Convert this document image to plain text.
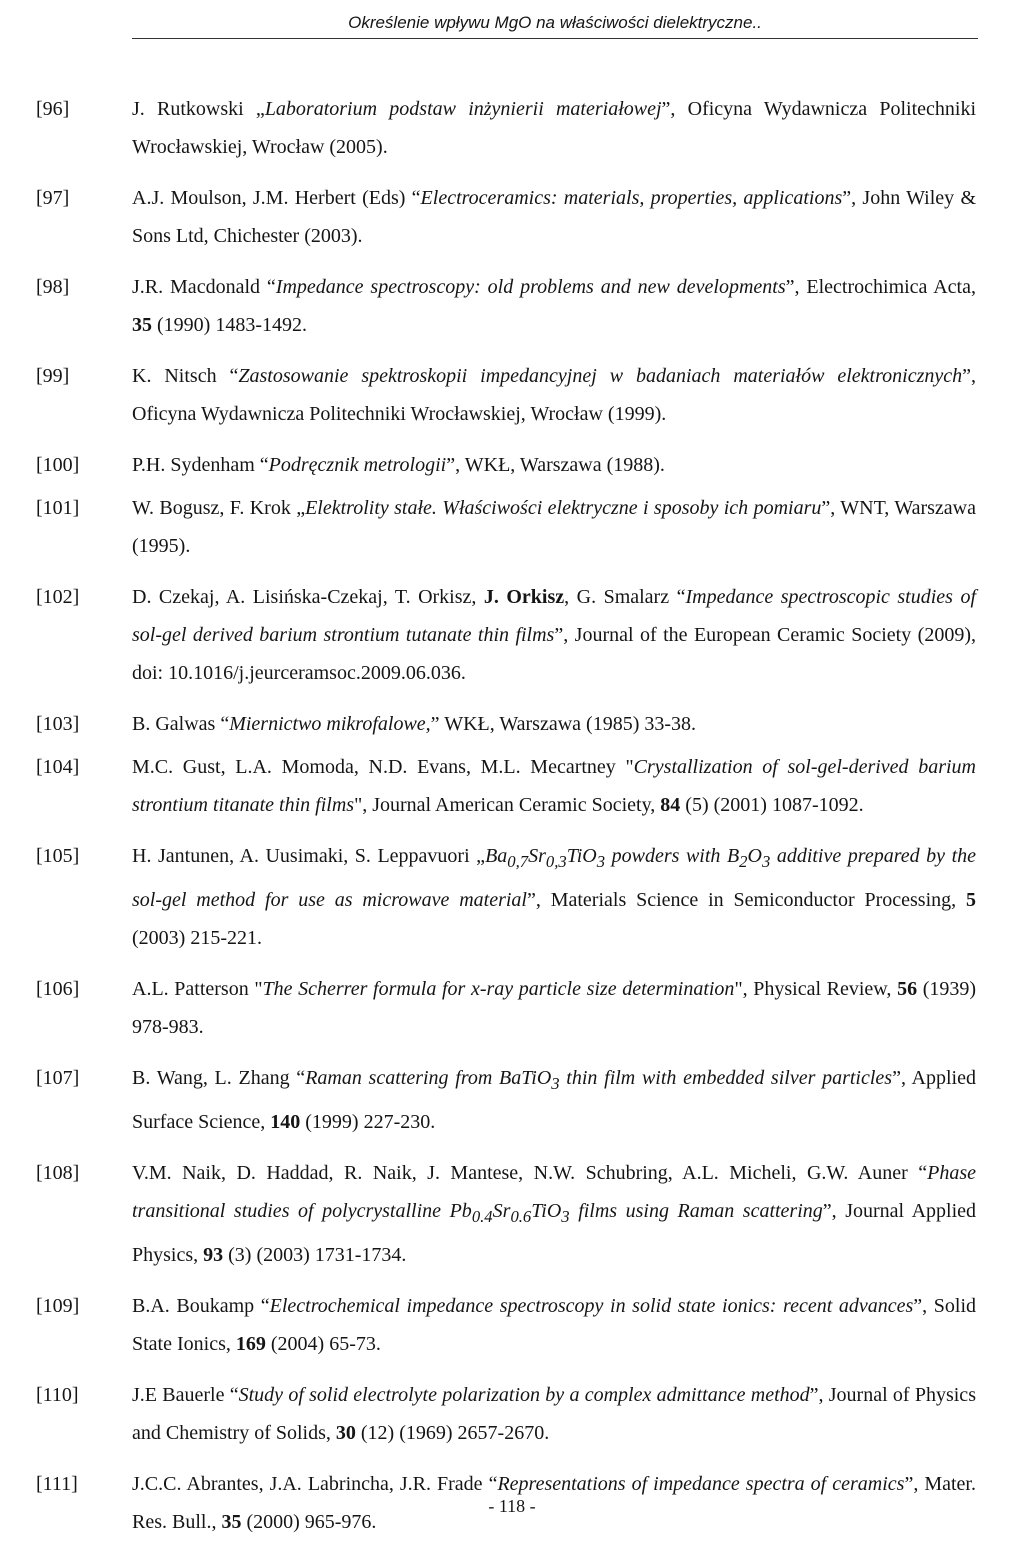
Określenie wpływu MgO na właściwości dielektryczne..
[96]	J. Rutkowski „Laboratorium podstaw inżynierii materiałowej”, Oficyna Wydawnicza Politechniki Wrocławskiej, Wrocław (2005).
[97]	A.J. Moulson, J.M. Herbert (Eds) “Electroceramics: materials, properties, applications”, John Wiley & Sons Ltd, Chichester (2003).
[98]	J.R. Macdonald “Impedance spectroscopy: old problems and new developments”, Electrochimica Acta, 35 (1990) 1483-1492.
[99]	K. Nitsch “Zastosowanie spektroskopii impedancyjnej w badaniach materiałów elektronicznych”, Oficyna Wydawnicza Politechniki Wrocławskiej, Wrocław (1999).
[100]	P.H. Sydenham “Podręcznik metrologii”, WKŁ, Warszawa (1988).
[101]	W. Bogusz, F. Krok „Elektrolity stałe. Właściwości elektryczne i sposoby ich pomiaru”, WNT, Warszawa (1995).
[102]	D. Czekaj, A. Lisińska-Czekaj, T. Orkisz, J. Orkisz, G. Smalarz “Impedance spectroscopic studies of sol-gel derived barium strontium tutanate thin films”, Journal of the European Ceramic Society (2009), doi: 10.1016/j.jeurceramsoc.2009.06.036.
[103]	B. Galwas “Miernictwo mikrofalowe,” WKŁ, Warszawa (1985) 33-38.
[104]	M.C. Gust, L.A. Momoda, N.D. Evans, M.L. Mecartney "Crystallization of sol-gel-derived barium strontium titanate thin films", Journal American Ceramic Society, 84 (5) (2001) 1087-1092.
[105]	H. Jantunen, A. Uusimaki, S. Leppavuori $„Ba_{0,7}Sr_{0,3}TiO_3$ powders with $B_2O_3$ additive prepared by the sol-gel method for use as microwave material”, Materials Science in Semiconductor Processing, 5 (2003) 215-221.
[106]	A.L. Patterson "The Scherrer formula for x-ray particle size determination", Physical Review, 56 (1939) 978-983.
[107]	B. Wang, L. Zhang “Raman scattering from BaTiO$_3$ thin film with embedded silver particles”, Applied Surface Science, 140 (1999) 227-230.
[108]	V.M. Naik, D. Haddad, R. Naik, J. Mantese, N.W. Schubring, A.L. Micheli, G.W. Auner “Phase transitional studies of polycrystalline $Pb_{0.4}Sr_{0.6}TiO_3$ films using Raman scattering”, Journal Applied Physics, 93 (3) (2003) 1731-1734.
[109]	B.A. Boukamp “Electrochemical impedance spectroscopy in solid state ionics: recent advances”, Solid State Ionics, 169 (2004) 65-73.
[110]	J.E Bauerle “Study of solid electrolyte polarization by a complex admittance method”, Journal of Physics and Chemistry of Solids, 30 (12) (1969) 2657-2670.
[111]	J.C.C. Abrantes, J.A. Labrincha, J.R. Frade “Representations of impedance spectra of ceramics”, Mater. Res. Bull., 35 (2000) 965-976.
- 118 -
